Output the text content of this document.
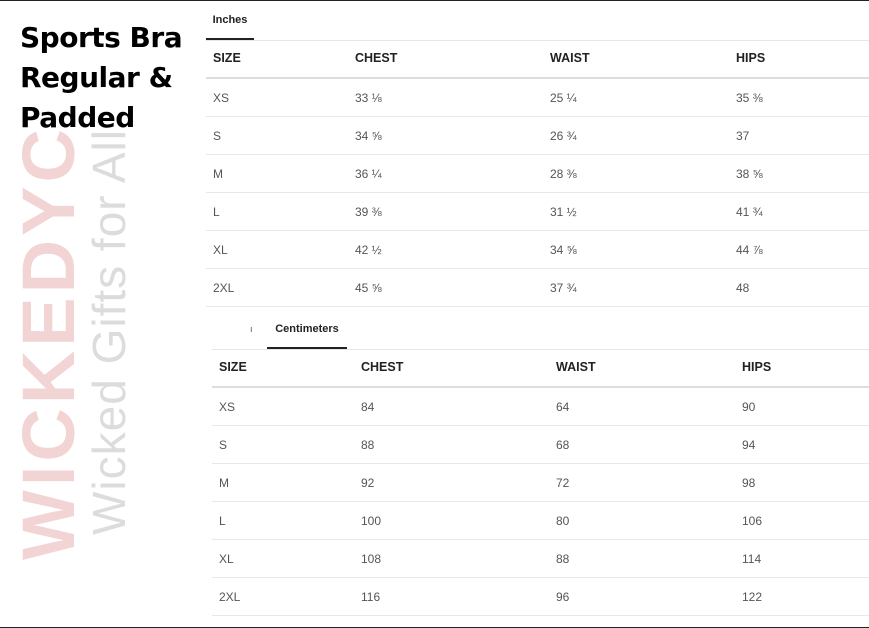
WICKEDYC
Wicked Gifts for All
Sports Bra Regular & Padded
Inches
SIZE	CHEST	WAIST	HIPS
XS	33 ⅛	25 ¼	35 ⅜
S	34 ⅝	26 ¾	37
M	36 ¼	28 ⅜	38 ⅝
L	39 ⅜	31 ½	41 ¾
XL	42 ½	34 ⅝	44 ⅞
2XL	45 ⅝	37 ¾	48
ı	Centimeters
SIZE	CHEST	WAIST	HIPS
XS	84	64	90
S	88	68	94
M	92	72	98
L	100	80	106
XL	108	88	114
2XL	116	96	122
